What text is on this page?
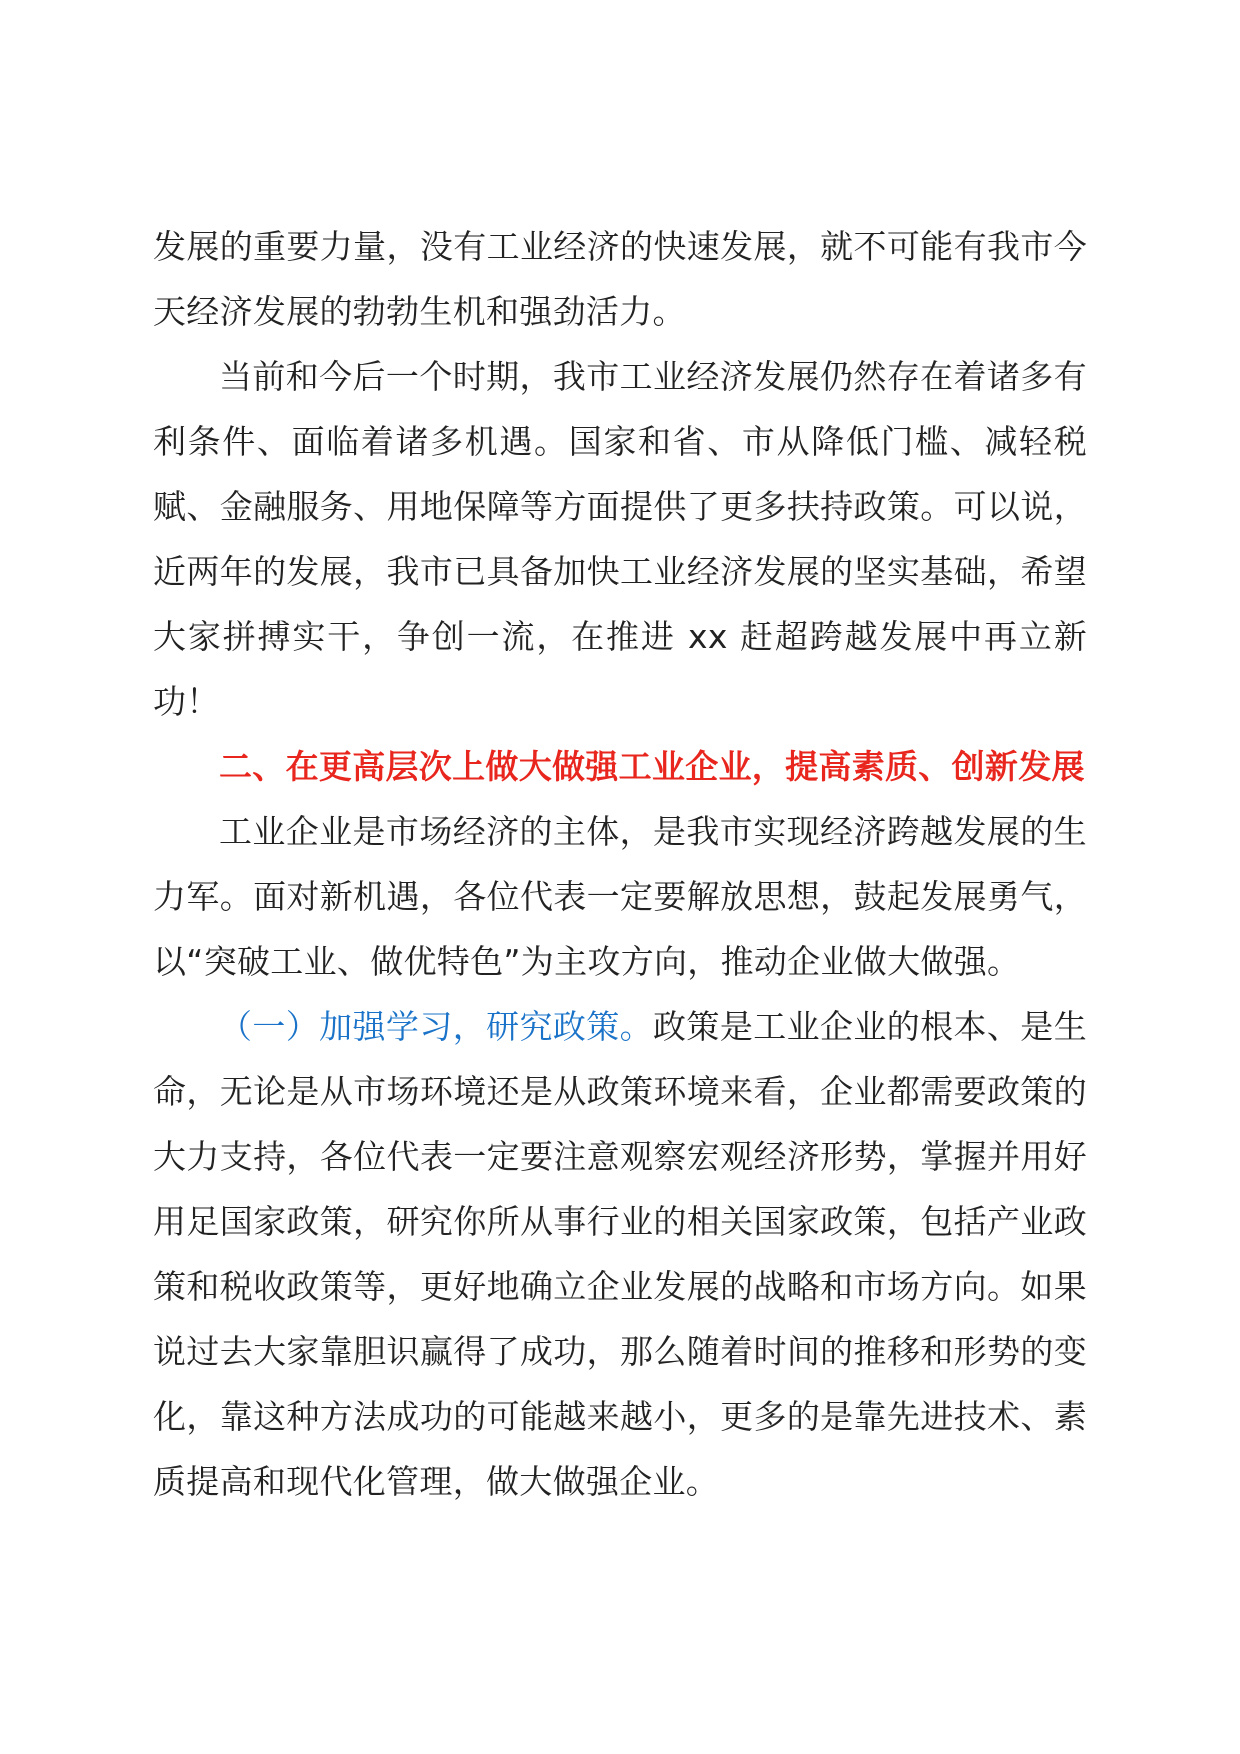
发展的重要力量，没有工业经济的快速发展，就不可能有我市今天经济发展的勃勃生机和强劲活力。

当前和今后一个时期，我市工业经济发展仍然存在着诸多有利条件、面临着诸多机遇。国家和省、市从降低门槛、减轻税赋、金融服务、用地保障等方面提供了更多扶持政策。可以说，近两年的发展，我市已具备加快工业经济发展的坚实基础，希望大家拼搏实干，争创一流，在推进 xx 赶超跨越发展中再立新功！

二、在更高层次上做大做强工业企业，提高素质、创新发展

工业企业是市场经济的主体，是我市实现经济跨越发展的生力军。面对新机遇，各位代表一定要解放思想，鼓起发展勇气，以“突破工业、做优特色”为主攻方向，推动企业做大做强。

（一）加强学习，研究政策。政策是工业企业的根本、是生命，无论是从市场环境还是从政策环境来看，企业都需要政策的大力支持，各位代表一定要注意观察宏观经济形势，掌握并用好用足国家政策，研究你所从事行业的相关国家政策，包括产业政策和税收政策等，更好地确立企业发展的战略和市场方向。如果说过去大家靠胆识赢得了成功，那么随着时间的推移和形势的变化，靠这种方法成功的可能越来越小，更多的是靠先进技术、素质提高和现代化管理，做大做强企业。
